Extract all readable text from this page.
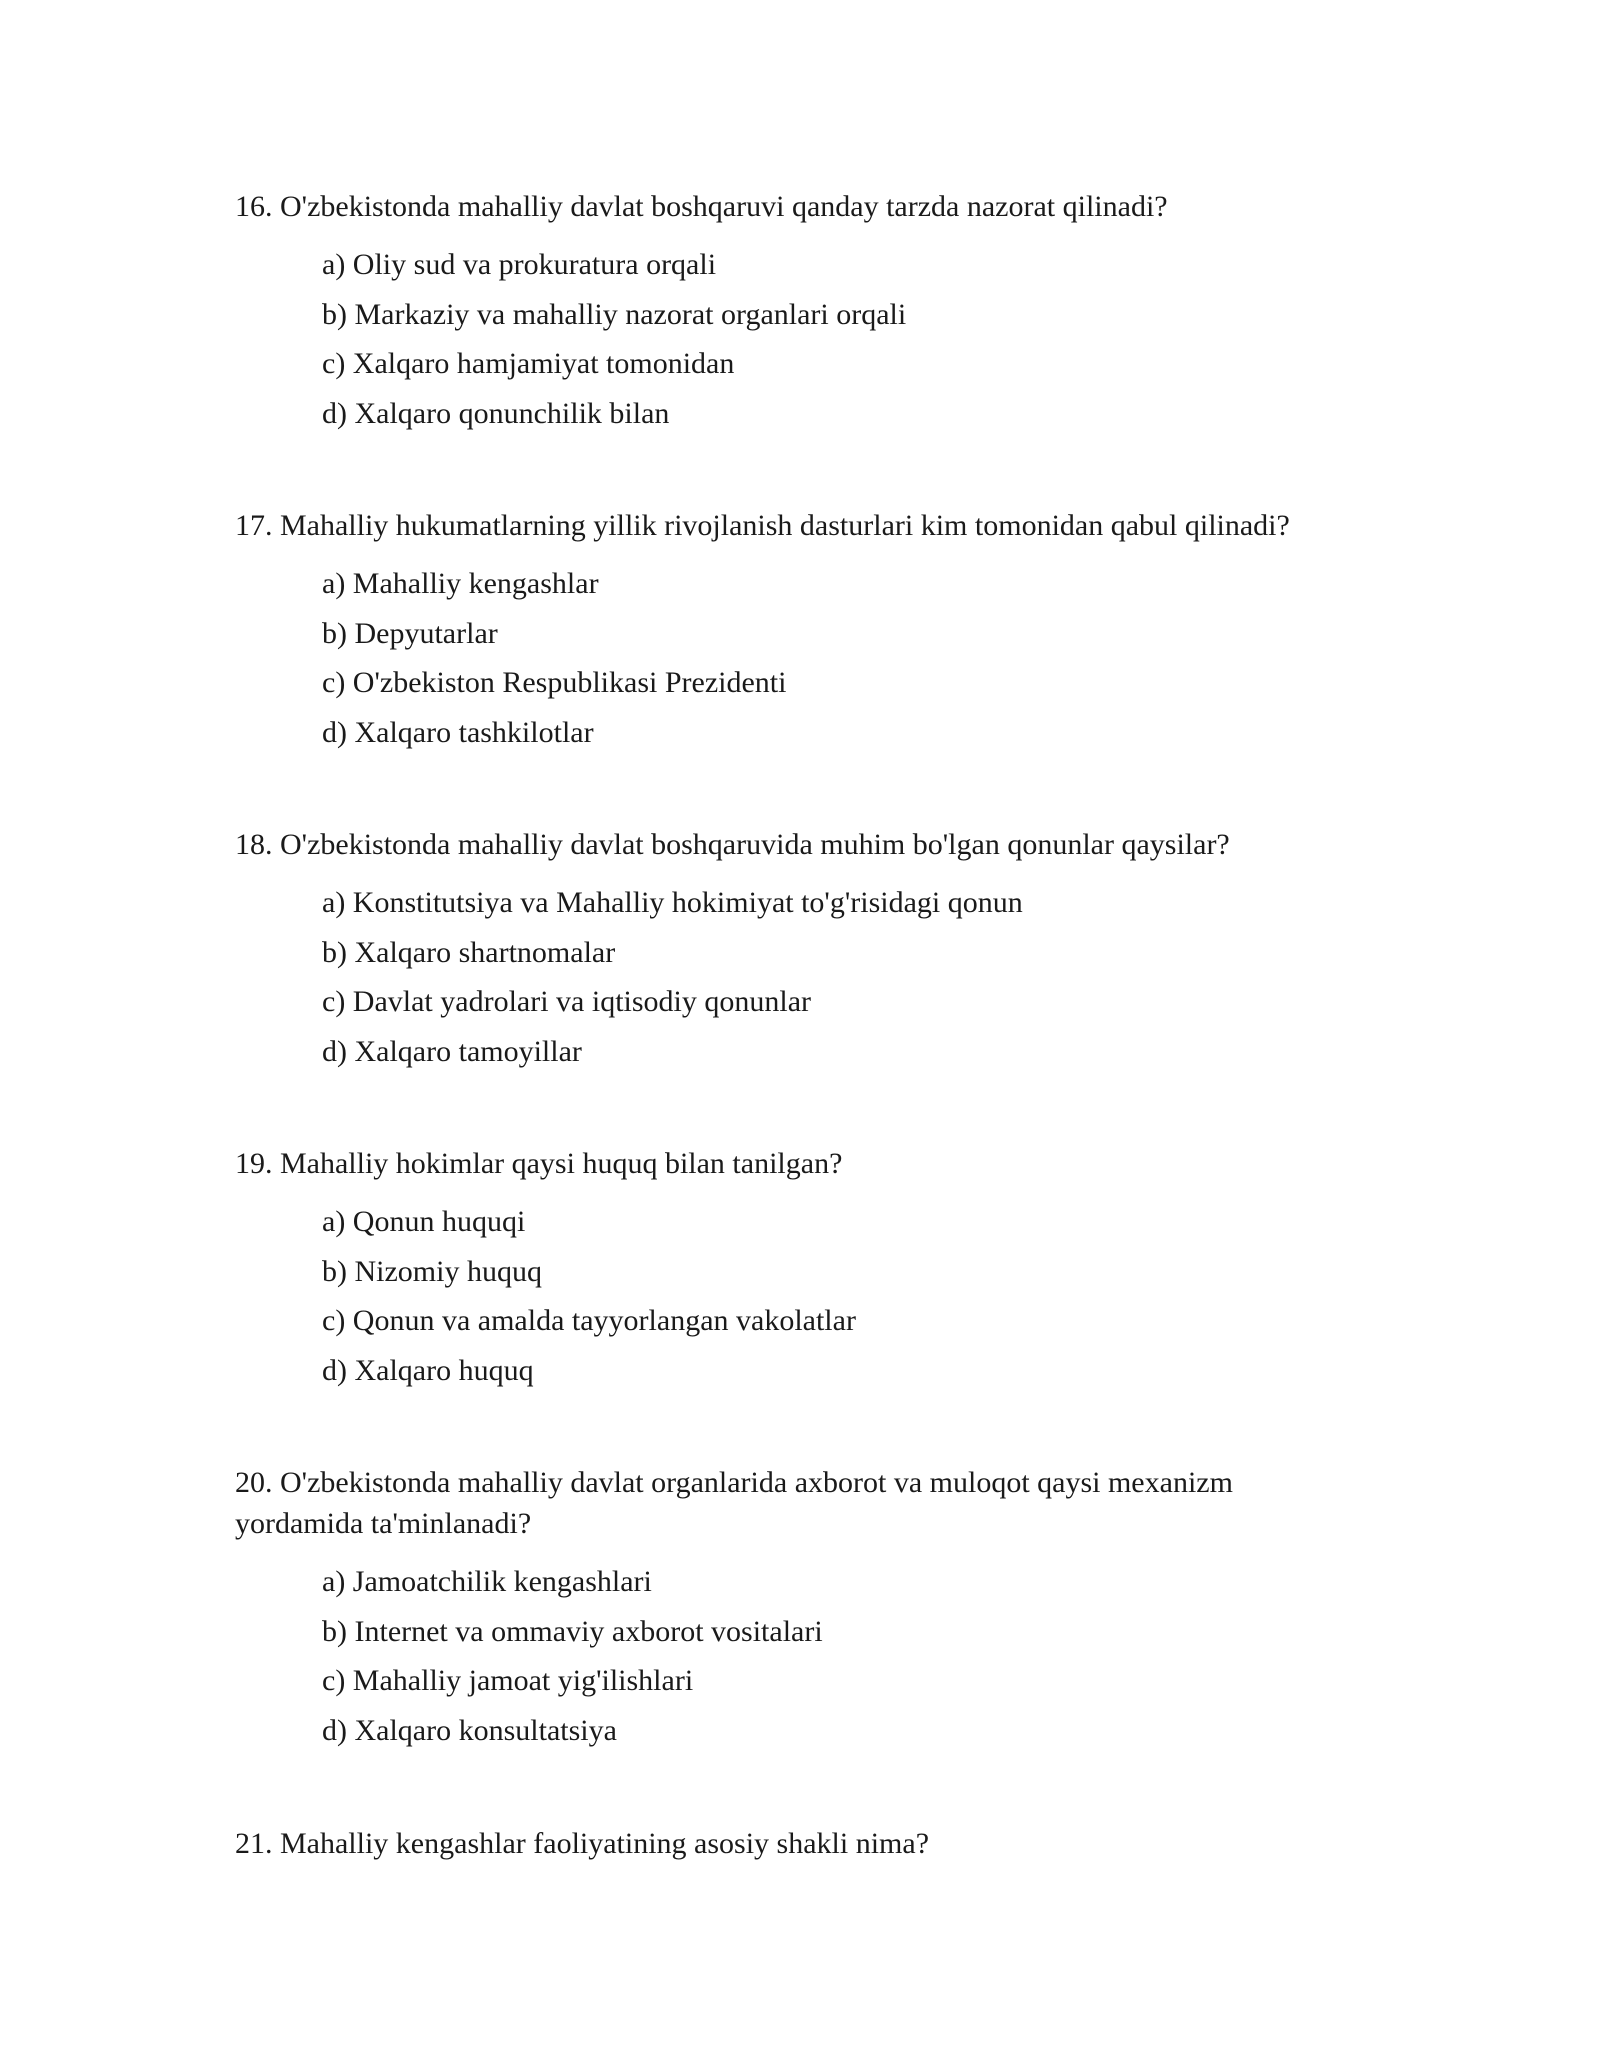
16. O'zbekistonda mahalliy davlat boshqaruvi qanday tarzda nazorat qilinadi?

a) Oliy sud va prokuratura orqali
b) Markaziy va mahalliy nazorat organlari orqali
c) Xalqaro hamjamiyat tomonidan
d) Xalqaro qonunchilik bilan

17. Mahalliy hukumatlarning yillik rivojlanish dasturlari kim tomonidan qabul qilinadi?

a) Mahalliy kengashlar
b) Depyutarlar
c) O'zbekiston Respublikasi Prezidenti
d) Xalqaro tashkilotlar

18. O'zbekistonda mahalliy davlat boshqaruvida muhim bo'lgan qonunlar qaysilar?

a) Konstitutsiya va Mahalliy hokimiyat to'g'risidagi qonun
b) Xalqaro shartnomalar
c) Davlat yadrolari va iqtisodiy qonunlar
d) Xalqaro tamoyillar

19. Mahalliy hokimlar qaysi huquq bilan tanilgan?

a) Qonun huquqi
b) Nizomiy huquq
c) Qonun va amalda tayyorlangan vakolatlar
d) Xalqaro huquq

20. O'zbekistonda mahalliy davlat organlarida axborot va muloqot qaysi mexanizm yordamida ta'minlanadi?

a) Jamoatchilik kengashlari
b) Internet va ommaviy axborot vositalari
c) Mahalliy jamoat yig'ilishlari
d) Xalqaro konsultatsiya

21. Mahalliy kengashlar faoliyatining asosiy shakli nima?
